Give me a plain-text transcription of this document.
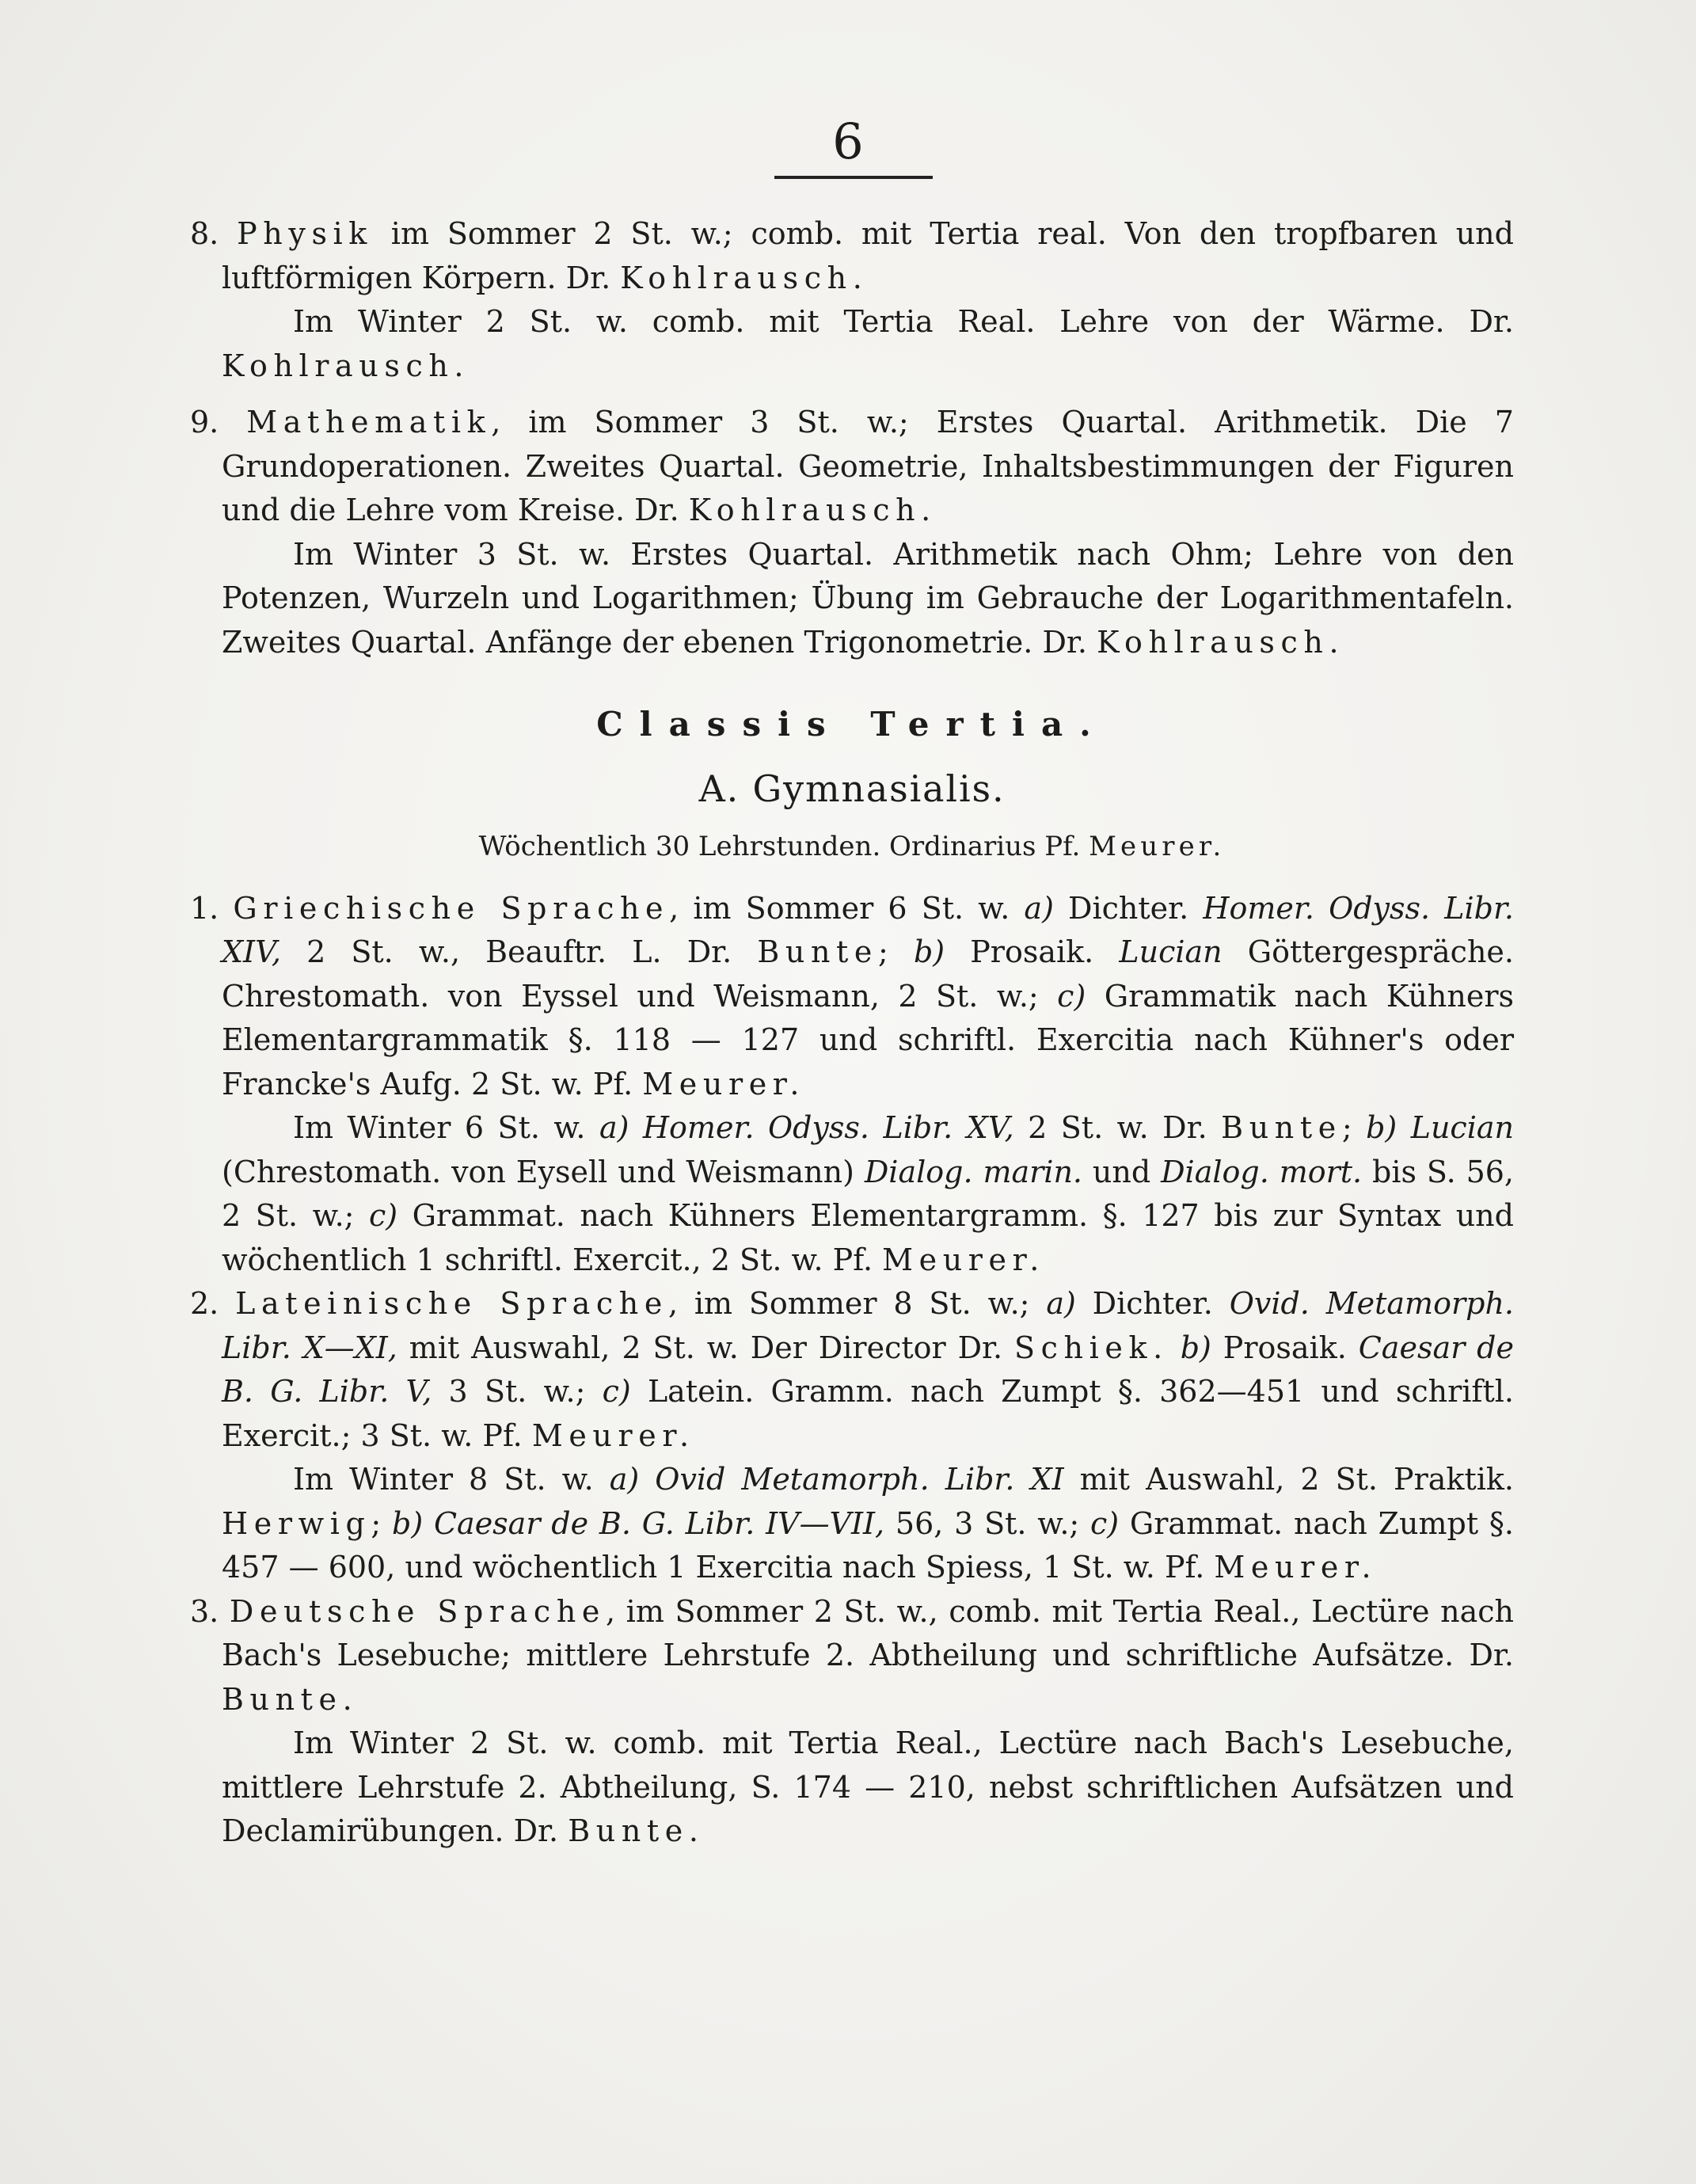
6

8. Physik im Sommer 2 St. w.; comb. mit Tertia real. Von den tropfbaren und luftförmigen Körpern. Dr. Kohlrausch.

Im Winter 2 St. w. comb. mit Tertia Real. Lehre von der Wärme. Dr. Kohlrausch.

9. Mathematik, im Sommer 3 St. w.; Erstes Quartal. Arithmetik. Die 7 Grundoperationen. Zweites Quartal. Geometrie, Inhaltsbestimmungen der Figuren und die Lehre vom Kreise. Dr. Kohlrausch.

Im Winter 3 St. w. Erstes Quartal. Arithmetik nach Ohm; Lehre von den Potenzen, Wurzeln und Logarithmen; Übung im Gebrauche der Logarithmentafeln. Zweites Quartal. Anfänge der ebenen Trigonometrie. Dr. Kohlrausch.

Classis Tertia.
A. Gymnasialis.
Wöchentlich 30 Lehrstunden. Ordinarius Pf. Meurer.

1. Griechische Sprache, im Sommer 6 St. w. a) Dichter. Homer. Odyss. Libr. XIV, 2 St. w., Beauftr. L. Dr. Bunte; b) Prosaik. Lucian Göttergespräche. Chrestomath. von Eyssel und Weismann, 2 St. w.; c) Grammatik nach Kühners Elementargrammatik §. 118 — 127 und schriftl. Exercitia nach Kühner's oder Francke's Aufg. 2 St. w. Pf. Meurer.

Im Winter 6 St. w. a) Homer. Odyss. Libr. XV, 2 St. w. Dr. Bunte; b) Lucian (Chrestomath. von Eysell und Weismann) Dialog. marin. und Dialog. mort. bis S. 56, 2 St. w.; c) Grammat. nach Kühners Elementargramm. §. 127 bis zur Syntax und wöchentlich 1 schriftl. Exercit., 2 St. w. Pf. Meurer.

2. Lateinische Sprache, im Sommer 8 St. w.; a) Dichter. Ovid. Metamorph. Libr. X—XI, mit Auswahl, 2 St. w. Der Director Dr. Schiek. b) Prosaik. Caesar de B. G. Libr. V, 3 St. w.; c) Latein. Gramm. nach Zumpt §. 362—451 und schriftl. Exercit.; 3 St. w. Pf. Meurer.

Im Winter 8 St. w. a) Ovid Metamorph. Libr. XI mit Auswahl, 2 St. Praktik. Herwig; b) Caesar de B. G. Libr. IV—VII, 56, 3 St. w.; c) Grammat. nach Zumpt §. 457 — 600, und wöchentlich 1 Exercitia nach Spiess, 1 St. w. Pf. Meurer.

3. Deutsche Sprache, im Sommer 2 St. w., comb. mit Tertia Real., Lectüre nach Bach's Lesebuche; mittlere Lehrstufe 2. Abtheilung und schriftliche Aufsätze. Dr. Bunte.

Im Winter 2 St. w. comb. mit Tertia Real., Lectüre nach Bach's Lesebuche, mittlere Lehrstufe 2. Abtheilung, S. 174 — 210, nebst schriftlichen Aufsätzen und Declamirübungen. Dr. Bunte.
